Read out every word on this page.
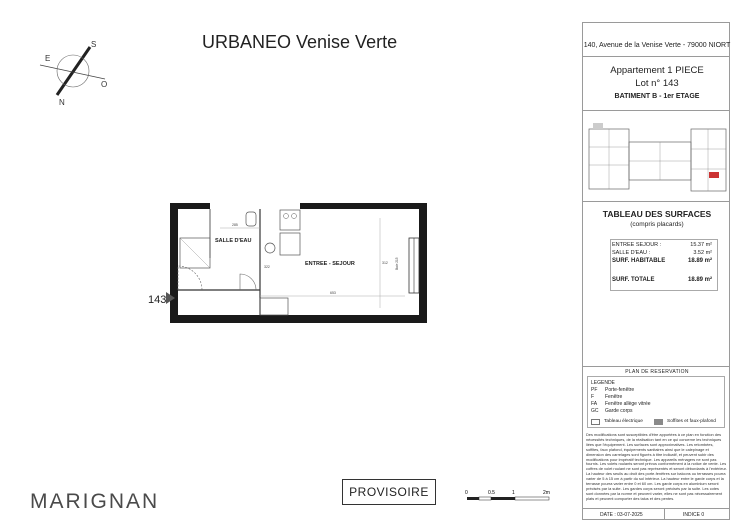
URBANEO Venise Verte
S
E
O
N
SALLE D'EAU
ENTREE - SEJOUR
285
653
312
322	Baie 215
143
MARIGNAN	PROVISOIRE	0	0.5	1	2m
140, Avenue de la Venise Verte - 79000 NIORT
Appartement 1 PIECE
Lot n° 143
BATIMENT B - 1er ETAGE
TABLEAU DES SURFACES
(compris placards)
ENTREE SEJOUR :	15.37 m²
SALLE D'EAU :	3.52 m²
SURF. HABITABLE	18.89 m²
SURF. TOTALE	18.89 m²
PLAN DE RESERVATION
LEGENDE
PF Porte-fenêtre
F Fenêtre
FA Fenêtre allège vitrée
GC Garde corps
Tableau électrique	Soffites et faux-plafond
Des modifications sont susceptibles d'être apportées à ce plan en fonction des nécessités techniques, de la réalisation tant en ce qui concerne les techniques liées que l'équipement. Les surfaces sont approximatives. Les retombées, soffites, faux plafond, équipements sanitaires ainsi que le calepinage et dimension des carrelages sont figurés à titre indicatif, et peuvent subir des modifications pour impératif technique. Les appareils ménagers ne sont pas fournis. Les volets roulants seront prévus conformément à la notice de vente. Les coffres de volet roulant ne sont pas représentés et seront débordants à l'extérieur. La hauteur des seuils au droit des porte-fenêtres sur balcons ou terrasses pourra varier de 5 à 15 cm à partir du sol intérieur. La hauteur entre le garde corps et la terrasse pourra varier entre 0 et 60 cm. Les garde corps en aluminium seront précisés par la suite. Les gardes corps seront précisés par la suite. Les cotes sont données par la norme et peuvent varier, elles ne sont pas nécessairement plats et peuvent comporter des talus et des pentes.
DATE : 03-07-2025	INDICE 0
